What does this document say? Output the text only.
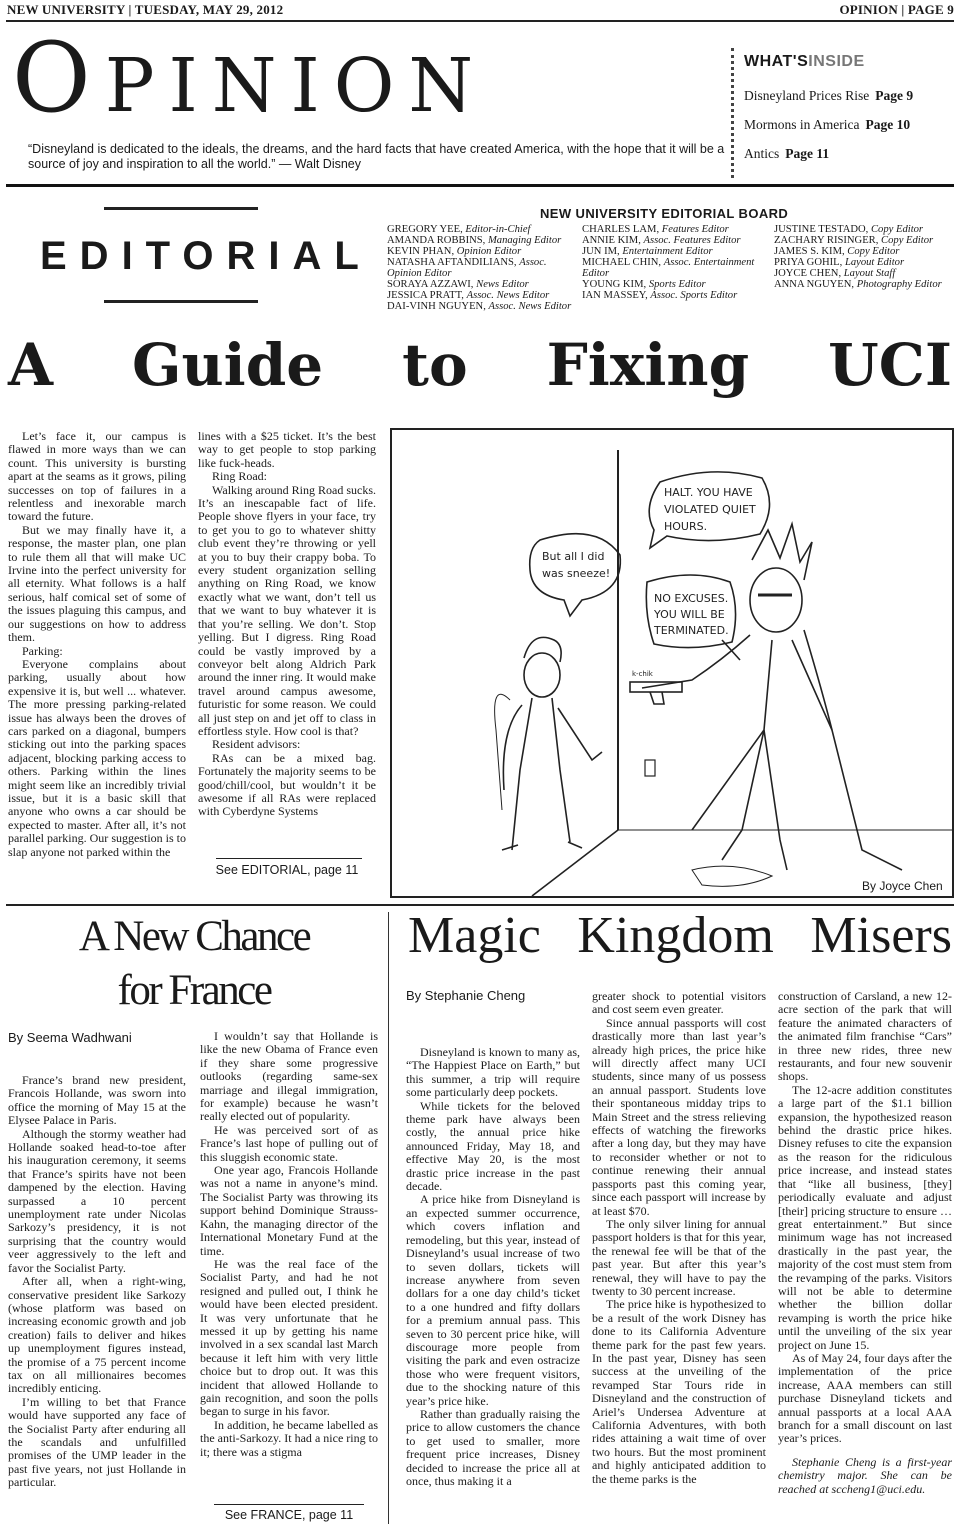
NEW UNIVERSITY | TUESDAY, MAY 29, 2012	OPINION | PAGE 9
OPINION
“Disneyland is dedicated to the ideals, the dreams, and the hard facts that have created America, with the hope that it will be a source of joy and inspiration to all the world.” — Walt Disney
WHAT'SINSIDE
Disneyland Prices Rise Page 9
Mormons in America Page 10
Antics Page 11
EDITORIAL
NEW UNIVERSITY EDITORIAL BOARD
GREGORY YEE, Editor-in-Chief
AMANDA ROBBINS, Managing Editor
KEVIN PHAN, Opinion Editor
NATASHA AFTANDILIANS, Assoc. Opinion Editor
SORAYA AZZAWI, News Editor
JESSICA PRATT, Assoc. News Editor
DAI-VINH NGUYEN, Assoc. News Editor
CHARLES LAM, Features Editor
ANNIE KIM, Assoc. Features Editor
JUN IM, Entertainment Editor
MICHAEL CHIN, Assoc. Entertainment Editor
YOUNG KIM, Sports Editor
IAN MASSEY, Assoc. Sports Editor
JUSTINE TESTADO, Copy Editor
ZACHARY RISINGER, Copy Editor
JAMES S. KIM, Copy Editor
PRIYA GOHIL, Layout Editor
JOYCE CHEN, Layout Staff
ANNA NGUYEN, Photography Editor
A Guide to Fixing UCI

Let’s face it, our campus is flawed in more ways than we can count. This university is bursting apart at the seams as it grows, piling successes on top of failures in a relentless and inexorable march toward the future.

But we may finally have it, a response, the master plan, one plan to rule them all that will make UC Irvine into the perfect university for all eternity. What follows is a half serious, half comical set of some of the issues plaguing this campus, and our suggestions on how to address them.

Parking:

Everyone complains about parking, usually about how expensive it is, but well ... whatever. The more pressing parking-related issue has always been the droves of cars parked on a diagonal, bumpers sticking out into the parking spaces adjacent, blocking parking access to others. Parking within the lines might seem like an incredibly trivial issue, but it is a basic skill that anyone who owns a car should be expected to master. After all, it’s not parallel parking. Our suggestion is to slap anyone not parked within the

lines with a $25 ticket. It’s the best way to get people to stop parking like fuck-heads.

Ring Road:

Walking around Ring Road sucks. It’s an inescapable fact of life. People shove flyers in your face, try to get you to go to whatever shitty club event they’re throwing or yell at you to buy their crappy boba. To every student organization selling anything on Ring Road, we know exactly what we want, don’t tell us that we want to buy whatever it is that you’re selling. We don’t. Stop yelling. But I digress. Ring Road could be vastly improved by a conveyor belt along Aldrich Park around the inner ring. It would make travel around campus awesome, futuristic for some reason. We could all just step on and jet off to class in effortless style. How cool is that?

Resident advisors:

RAs can be a mixed bag. Fortunately the majority seems to be good/chill/cool, but wouldn’t it be awesome if all RAs were replaced with Cyberdyne Systems

See EDITORIAL, page 11
But all I did
was sneeze!
HALT. YOU HAVE
VIOLATED QUIET
HOURS.
NO EXCUSES.
YOU WILL BE
TERMINATED.
k-chik
By Joyce Chen
A New Chance
for France
By Seema Wadhwani

France’s brand new president, Francois Hollande, was sworn into office the morning of May 15 at the Elysee Palace in Paris.

Although the stormy weather had Hollande soaked head-to-toe after his inauguration ceremony, it seems that France’s spirits have not been dampened by the election. Having surpassed a 10 percent unemployment rate under Nicolas Sarkozy’s presidency, it is not surprising that the country would veer aggressively to the left and favor the Socialist Party.

After all, when a right-wing, conservative president like Sarkozy (whose platform was based on increasing economic growth and job creation) fails to deliver and hikes up unemployment figures instead, the promise of a 75 percent income tax on all millionaires becomes incredibly enticing.

I’m willing to bet that France would have supported any face of the Socialist Party after enduring all the scandals and unfulfilled promises of the UMP leader in the past five years, not just Hollande in particular.

I wouldn’t say that Hollande is like the new Obama of France even if they share some progressive outlooks (regarding same-sex marriage and illegal immigration, for example) because he wasn’t really elected out of popularity.

He was perceived sort of as France’s last hope of pulling out of this sluggish economic state.

One year ago, Francois Hollande was not a name in anyone’s mind. The Socialist Party was throwing its support behind Dominique Strauss-Kahn, the managing director of the International Monetary Fund at the time.

He was the real face of the Socialist Party, and had he not resigned and pulled out, I think he would have been elected president. It was very unfortunate that he messed it up by getting his name involved in a sex scandal last March because it left him with very little choice but to drop out. It was this incident that allowed Hollande to gain recognition, and soon the polls began to surge in his favor.

In addition, he became labelled as the anti-Sarkozy. It had a nice ring to it; there was a stigma

See FRANCE, page 11
Magic Kingdom Misers
By Stephanie Cheng

Disneyland is known to many as, “The Happiest Place on Earth,” but this summer, a trip will require some particularly deep pockets.

While tickets for the beloved theme park have always been costly, the annual price hike announced Friday, May 18, and effective May 20, is the most drastic price increase in the past decade.

A price hike from Disneyland is an expected summer occurrence, which covers inflation and remodeling, but this year, instead of Disneyland’s usual increase of two to seven dollars, tickets will increase anywhere from seven dollars for a one day child’s ticket to a one hundred and fifty dollars for a premium annual pass. This seven to 30 percent price hike, will discourage more people from visiting the park and even ostracize those who were frequent visitors, due to the shocking nature of this year’s price hike.

Rather than gradually raising the price to allow customers the chance to get used to smaller, more frequent price increases, Disney decided to increase the price all at once, thus making it a

greater shock to potential visitors and cost seem even greater.

Since annual passports will cost drastically more than last year’s already high prices, the price hike will directly affect many UCI students, since many of us possess an annual passport. Students love their spontaneous midday trips to Main Street and the stress relieving effects of watching the fireworks after a long day, but they may have to reconsider whether or not to continue renewing their annual passports past this coming year, since each passport will increase by at least $70.

The only silver lining for annual passport holders is that for this year, the renewal fee will be that of the past year. But after this year’s renewal, they will have to pay the twenty to 30 percent increase.

The price hike is hypothesized to be a result of the work Disney has done to its California Adventure theme park for the past few years. In the past year, Disney has seen success at the unveiling of the revamped Star Tours ride in Disneyland and the construction of Ariel’s Undersea Adventure at California Adventures, with both rides attaining a wait time of over two hours. But the most prominent and highly anticipated addition to the theme parks is the

construction of Carsland, a new 12-acre section of the park that will feature the animated characters of the animated film franchise “Cars” in three new rides, three new restaurants, and four new souvenir shops.

The 12-acre addition constitutes a large part of the $1.1 billion expansion, the hypothesized reason behind the drastic price hikes. Disney refuses to cite the expansion as the reason for the ridiculous price increase, and instead states that “like all business, [they] periodically evaluate and adjust [their] pricing structure to ensure … great entertainment.” But since minimum wage has not increased drastically in the past year, the majority of the cost must stem from the revamping of the parks. Visitors will not be able to determine whether the billion dollar revamping is worth the price hike until the unveiling of the six year project on June 15.

As of May 24, four days after the implementation of the price increase, AAA members can still purchase Disneyland tickets and annual passports at a local AAA branch for a small discount on last year’s prices.

Stephanie Cheng is a first-year chemistry major. She can be reached at sccheng1@uci.edu.
